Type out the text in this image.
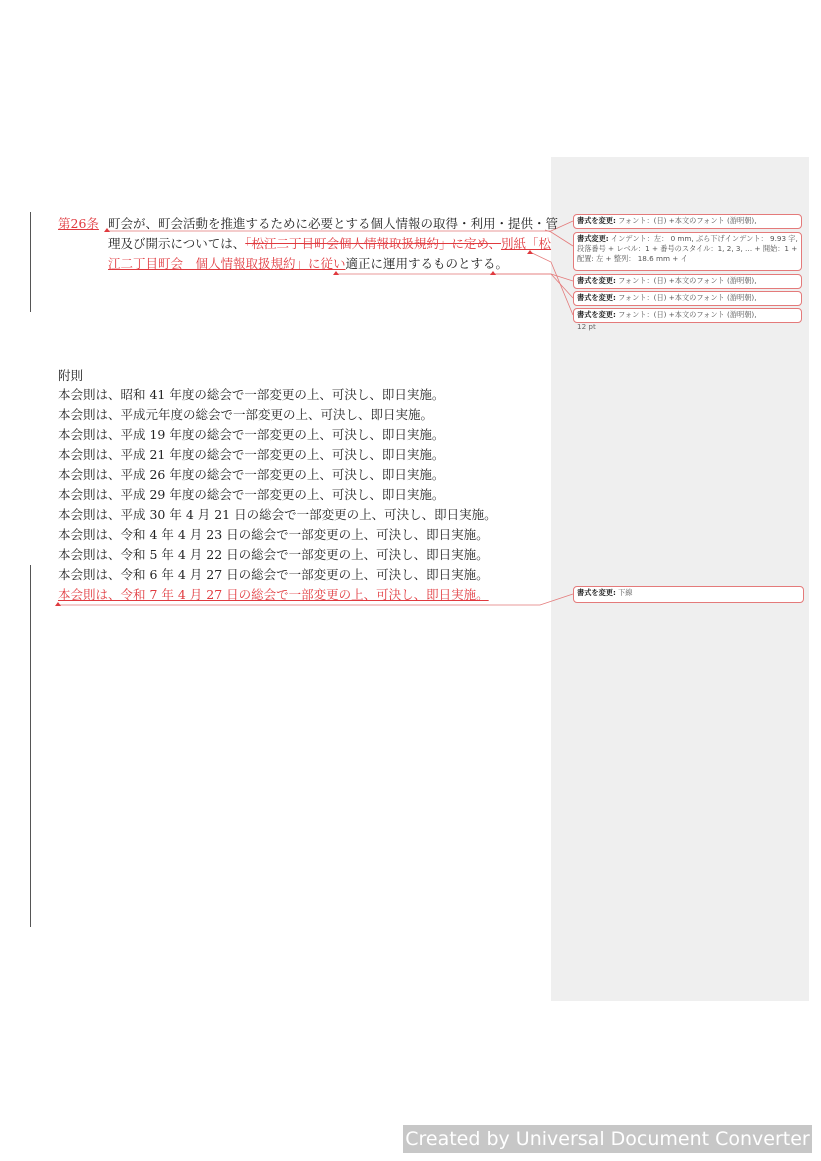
第26条 町会が、町会活動を推進するために必要とする個人情報の取得・利用・提供・管
理及び開示については、「松江二丁目町会個人情報取扱規約」に定め、別紙「松
江二丁目町会　個人情報取扱規約」に従い適正に運用するものとする。
附則
本会則は、昭和 41 年度の総会で一部変更の上、可決し、即日実施。
本会則は、平成元年度の総会で一部変更の上、可決し、即日実施。
本会則は、平成 19 年度の総会で一部変更の上、可決し、即日実施。
本会則は、平成 21 年度の総会で一部変更の上、可決し、即日実施。
本会則は、平成 26 年度の総会で一部変更の上、可決し、即日実施。
本会則は、平成 29 年度の総会で一部変更の上、可決し、即日実施。
本会則は、平成 30 年 4 月 21 日の総会で一部変更の上、可決し、即日実施。
本会則は、令和 4 年 4 月 23 日の総会で一部変更の上、可決し、即日実施。
本会則は、令和 5 年 4 月 22 日の総会で一部変更の上、可決し、即日実施。
本会則は、令和 6 年 4 月 27 日の総会で一部変更の上、可決し、即日実施。
本会則は、令和 7 年 4 月 27 日の総会で一部変更の上、可決し、即日実施。
書式を変更: フォント：(日) +本文のフォント (游明朝),
書式変更: インデント：左： 0 mm, ぶら下げインデント： 9.93 字, 段落番号 + レベル：1 + 番号のスタイル：1, 2, 3, … + 開始：1 + 配置: 左 + 整列： 18.6 mm + イ
書式を変更: フォント：(日) +本文のフォント (游明朝),
書式を変更: フォント：(日) +本文のフォント (游明朝),
書式を変更: フォント：(日) +本文のフォント (游明朝),
12 pt
書式を変更: 下線
Created by Universal Document Converter
